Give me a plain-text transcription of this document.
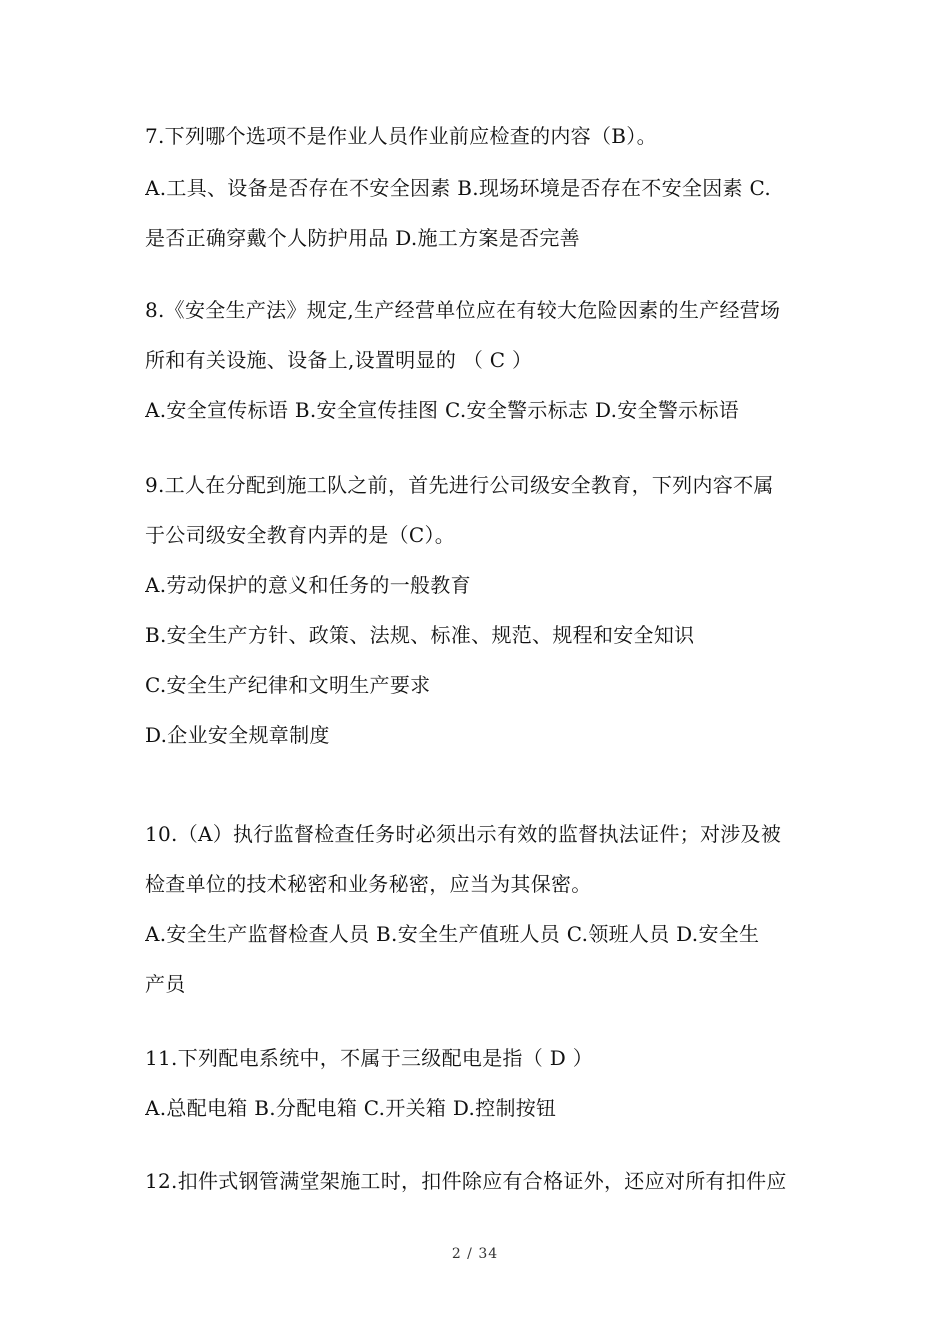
7.下列哪个选项不是作业人员作业前应检查的内容（B）。
A.工具、设备是否存在不安全因素 B.现场环境是否存在不安全因素 C.
是否正确穿戴个人防护用品 D.施工方案是否完善
8.《安全生产法》规定,生产经营单位应在有较大危险因素的生产经营场
所和有关设施、设备上,设置明显的 （ C ）
A.安全宣传标语 B.安全宣传挂图 C.安全警示标志 D.安全警示标语
9.工人在分配到施工队之前，首先进行公司级安全教育，下列内容不属
于公司级安全教育内弄的是（C）。
A.劳动保护的意义和任务的一般教育
B.安全生产方针、政策、法规、标准、规范、规程和安全知识
C.安全生产纪律和文明生产要求
D.企业安全规章制度
10.（A）执行监督检查任务时必须出示有效的监督执法证件；对涉及被
检查单位的技术秘密和业务秘密，应当为其保密。
A.安全生产监督检查人员 B.安全生产值班人员 C.领班人员 D.安全生
产员
11.下列配电系统中，不属于三级配电是指（ D ）
A.总配电箱 B.分配电箱 C.开关箱 D.控制按钮
12.扣件式钢管满堂架施工时，扣件除应有合格证外，还应对所有扣件应
2 / 34
